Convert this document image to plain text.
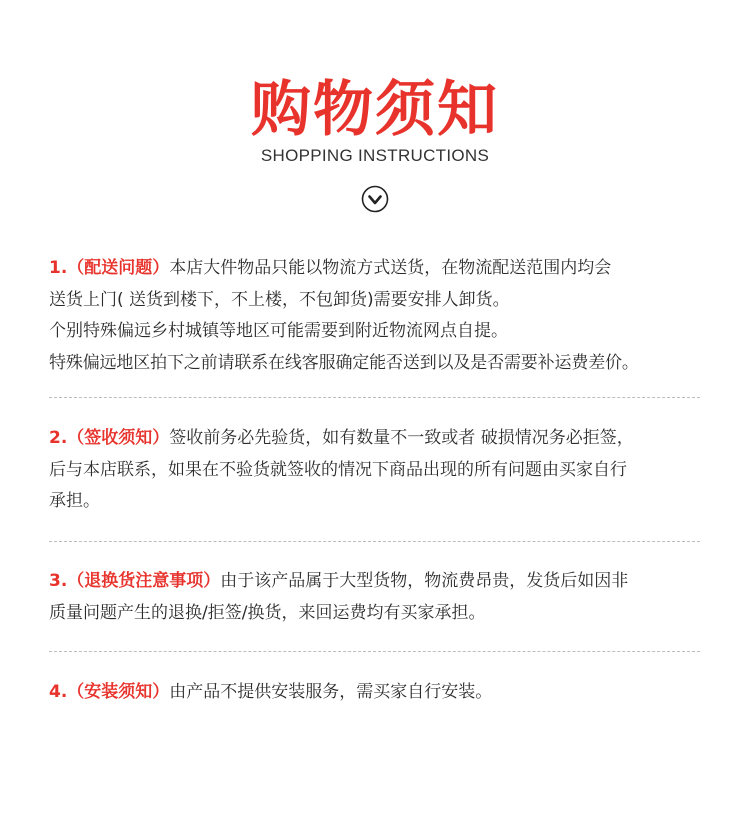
购物须知
SHOPPING INSTRUCTIONS
1.（配送问题）本店大件物品只能以物流方式送货，在物流配送范围内均会
送货上门( 送货到楼下，不上楼，不包卸货)需要安排人卸货。
个别特殊偏远乡村城镇等地区可能需要到附近物流网点自提。
特殊偏远地区拍下之前请联系在线客服确定能否送到以及是否需要补运费差价。
2.（签收须知）签收前务必先验货，如有数量不一致或者 破损情况务必拒签，
后与本店联系，如果在不验货就签收的情况下商品出现的所有问题由买家自行
承担。
3.（退换货注意事项）由于该产品属于大型货物，物流费昂贵，发货后如因非
质量问题产生的退换/拒签/换货，来回运费均有买家承担。
4.（安装须知）由产品不提供安装服务，需买家自行安装。
